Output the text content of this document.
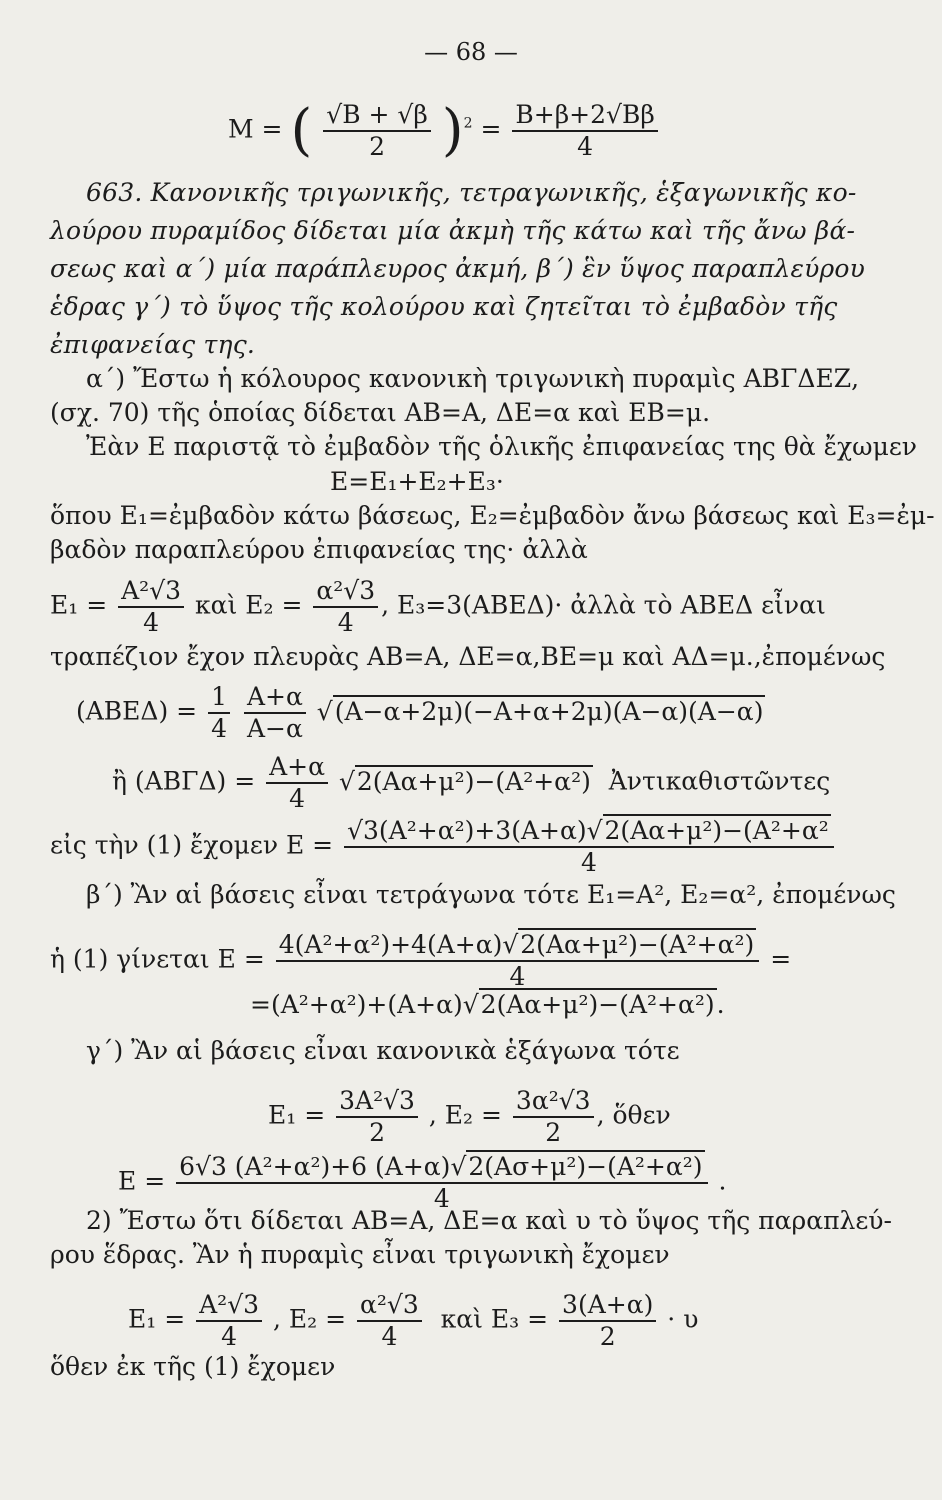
— 68 —
M = ( $\frac{√B + √\beta}{2} )^2 = \frac{B+\beta+2√B\beta}{4}$
663. Κανονικῆς τριγωνικῆς, τετραγωνικῆς, ἑξαγωνικῆς κο-
λούρου πυραμίδος δίδεται μία ἀκμὴ τῆς κάτω καὶ τῆς ἄνω βά-
σεως καὶ α΄) μία παράπλευρος ἀκμή, β΄) ἓν ὕψος παραπλεύρου
ἑδρας γ΄) τὸ ὕψος τῆς κολούρου καὶ ζητεῖται τὸ ἐμβαδὸν τῆς
ἐπιφανείας της.
α΄) Ἔστω ἡ κόλουρος κανονικὴ τριγωνικὴ πυραμὶς ΑΒΓΔΕΖ,
(σχ. 70) τῆς ὁποίας δίδεται ΑΒ=Α, ΔΕ=α καὶ ΕΒ=μ.
Ἐὰν Ε παριστᾷ τὸ ἐμβαδὸν τῆς ὁλικῆς ἐπιφανείας της θὰ ἔχωμεν
Ε=Ε₁+Ε₂+Ε₃·
ὅπου Ε₁=ἐμβαδὸν κάτω βάσεως, Ε₂=ἐμβαδὸν ἄνω βάσεως καὶ Ε₃=ἐμ-
βαδὸν παραπλεύρου ἐπιφανείας της· ἀλλὰ
$E_1 = \frac{\text{Α²√3}}{4}$ καὶ $E_2 = \frac{\text{α²√3}}{4}$ , Ε₃=3(ΑΒΕΔ)· ἀλλὰ τὸ ΑΒΕΔ εἶναι
τραπέζιον ἔχον πλευρὰς ΑΒ=Α, ΔΕ=α,ΒΕ=μ καὶ ΑΔ=μ.,ἐπομένως
$(ABE\Delta) = \frac{1}{4}$
$\frac{A+\alpha}{A-\alpha}$ √ (Α−α+2μ)(−Α+α+2μ)(Α−α)(Α−α)
ἢ $(AB\Gamma\Delta) = \frac{A+\alpha}{4}$ √ 2(Αα+μ²)−(Α²+α²) Ἀντικαθιστῶντες
εἰς τὴν (1) ἔχομεν $E = \frac{\text{√3(Α²+α²)+3(Α+α) √ 2(Αα+μ²)−(Α²+α²}}{4}$
β΄) Ἂν αἱ βάσεις εἶναι τετράγωνα τότε Ε₁=Α², Ε₂=α², ἐπομένως
ἡ (1) γίνεται $E = \frac{\text{4(Α²+α²)+4(Α+α) √ 2(Αα+μ²)−(Α²+α²)}}{4}$ =
=(Α²+α²)+(Α+α) √ 2(Αα+μ²)−(Α²+α²).
γ΄) Ἂν αἱ βάσεις εἶναι κανονικὰ ἑξάγωνα τότε
$E_1 = \frac{\text{3Α²√3}}{2}$ , $E_2 = \frac{\text{3α²√3}}{2}$ , ὅθεν
$E = \frac{\text{6√3 (Α²+α²)+6 (Α+α) √ 2(Ασ+μ²)−(Α²+α²)}}{4}$ .
2) Ἔστω ὅτι δίδεται ΑΒ=Α, ΔΕ=α καὶ υ τὸ ὕψος τῆς παραπλεύ-
ρου ἕδρας. Ἂν ἡ πυραμὶς εἶναι τριγωνικὴ ἔχομεν
$E_1 = \frac{\text{Α²√3}}{4}$ , $E_2 = \frac{\text{α²√3}}{4}$ καὶ $E_3 = \frac{3(A+\alpha)}{2} \cdot \upsilon$
ὅθεν ἐκ τῆς (1) ἔχομεν
